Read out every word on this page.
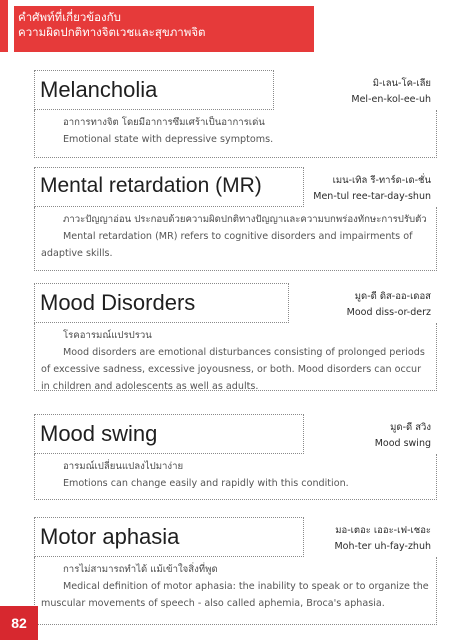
คำศัพท์ที่เกี่ยวข้องกับ
ความผิดปกติทางจิตเวชและสุขภาพจิต
Melancholia	มิ-เลน-โค-เลีย
Mel-en-kol-ee-uh

อาการทางจิต โดยมีอาการซึมเศร้าเป็นอาการเด่น

Emotional state with depressive symptoms.

Mental retardation (MR)	เมน-เทิล รี-ทาร์ด-เด-ชั่น
Men-tul ree-tar-day-shun

ภาวะปัญญาอ่อน ประกอบด้วยความผิดปกติทางปัญญาและความบกพร่องทักษะการปรับตัว

Mental retardation (MR) refers to cognitive disorders and impairments of adaptive skills.

Mood Disorders	มูด-ดี ดิส-ออ-เดอส
Mood diss-or-derz

โรคอารมณ์แปรปรวน

Mood disorders are emotional disturbances consisting of prolonged periods of excessive sadness, excessive joyousness, or both. Mood disorders can occur in children and adolescents as well as adults.

Mood swing	มูด-ดี สวิง
Mood swing

อารมณ์เปลี่ยนแปลงไปมาง่าย

Emotions can change easily and rapidly with this condition.

Motor aphasia	มอ-เตอะ เออะ-เฟ-เชอะ
Moh-ter uh-fay-zhuh

การไม่สามารถทำได้ แม้เข้าใจสิ่งที่พูด

Medical definition of motor aphasia: the inability to speak or to organize the muscular movements of speech - also called aphemia, Broca's aphasia.

82
